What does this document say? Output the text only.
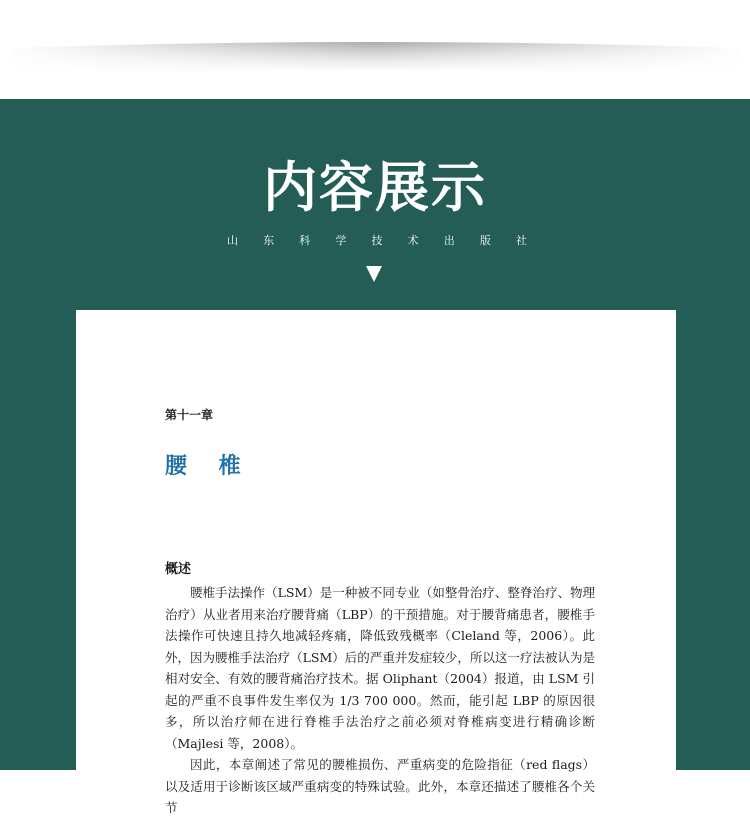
内容展示
山 东 科 学 技 术 出 版 社
第十一章
腰 椎
概述

腰椎手法操作（LSM）是一种被不同专业（如整骨治疗、整脊治疗、物理治疗）从业者用来治疗腰背痛（LBP）的干预措施。对于腰背痛患者，腰椎手法操作可快速且持久地减轻疼痛，降低致残概率（Cleland 等，2006）。此外，因为腰椎手法治疗（LSM）后的严重并发症较少，所以这一疗法被认为是相对安全、有效的腰背痛治疗技术。据 Oliphant（2004）报道，由 LSM 引起的严重不良事件发生率仅为 1/3 700 000。然而，能引起 LBP 的原因很多，所以治疗师在进行脊椎手法治疗之前必须对脊椎病变进行精确诊断（Majlesi 等，2008）。

因此，本章阐述了常见的腰椎损伤、严重病变的危险指征（red flags）以及适用于诊断该区域严重病变的特殊试验。此外，本章还描述了腰椎各个关节
